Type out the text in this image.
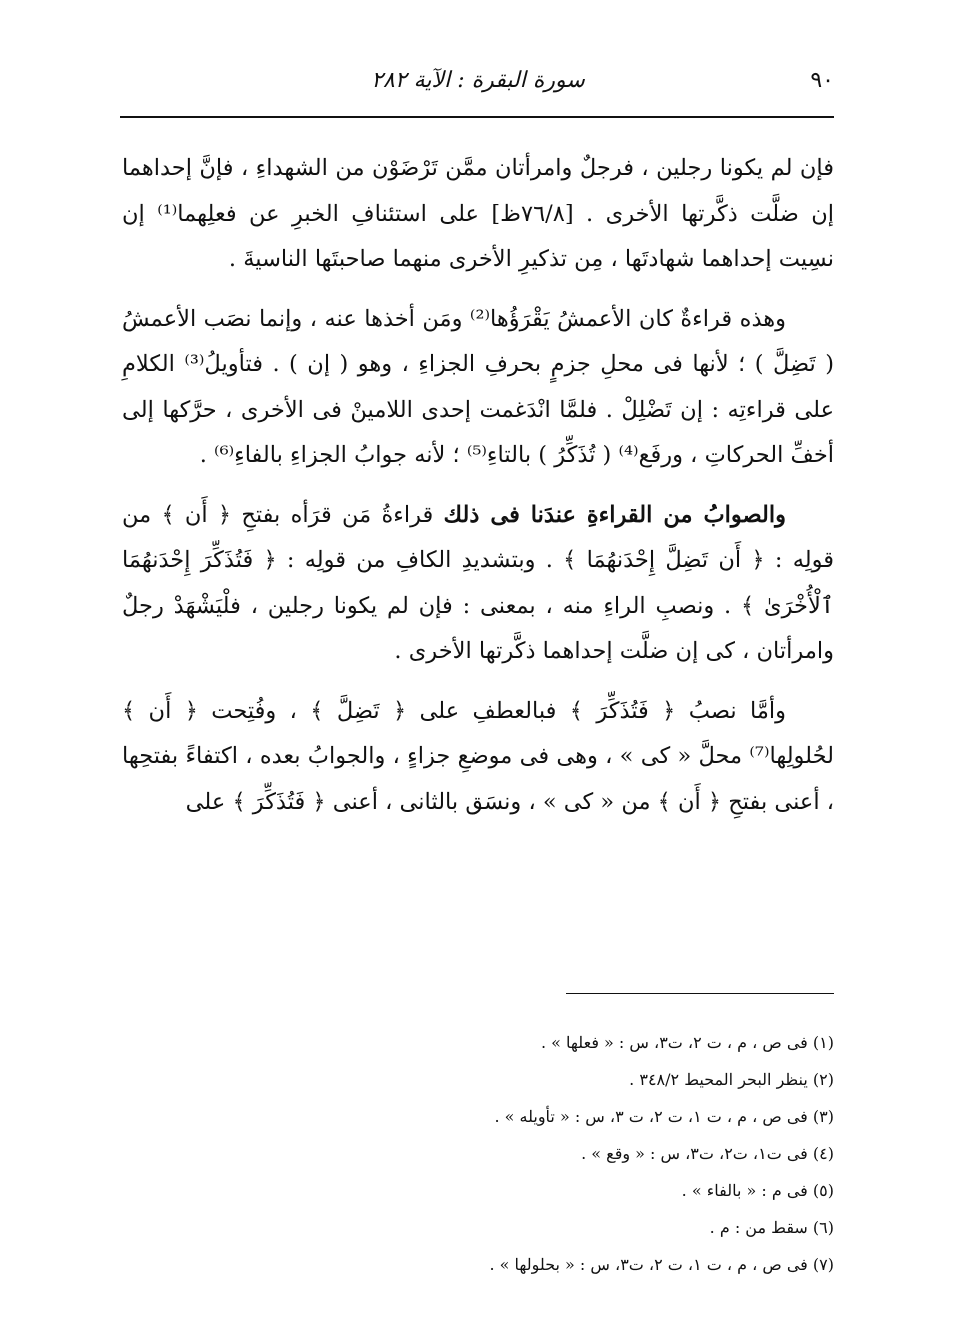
٩٠
سورة البقرة : الآية ٢٨٢

فإن لم يكونا رجلين ، فرجلٌ وامرأتان ممَّن تَرْضَوْن من الشهداءِ ، فإنَّ إحداهما إن ضلَّت ذكَّرتها الأخرى . [٧٦/٨ظ] على استئنافِ الخبرِ عن فعلِهما⁽¹⁾ إن نسِيت إحداهما شهادتَها ، مِن تذكيرِ الأخرى منهما صاحبتَها الناسيةَ .

وهذه قراءةٌ كان الأعمشُ يَقْرَؤُها⁽²⁾ ومَن أخذها عنه ، وإنما نصَب الأعمشُ ( تَضِلَّ ) ؛ لأنها فى محلِ جزمٍ بحرفِ الجزاءِ ، وهو ( إن ) . فتأويلُ⁽³⁾ الكلامِ على قراءتِه : إن تَضْلِلْ . فلمَّا انْدَغمت إحدى اللامينْ فى الأخرى ، حرَّكها إلى أخفِّ الحركاتِ ، ورفَع⁽⁴⁾ ( تُذَكِّرُ ) بالتاءِ⁽⁵⁾ ؛ لأنه جوابُ الجزاءِ بالفاءِ⁽⁶⁾ .

والصوابُ من القراءةِ عندَنا فى ذلك قراءةُ مَن قرَأه بفتحِ ﴿ أَن ﴾ من قولِه : ﴿ أَن تَضِلَّ إِحْدَنهُمَا ﴾ . وبتشديدِ الكافِ من قولِه : ﴿ فَتُذَكِّرَ إِحْدَنهُمَا ٱلْأُخْرَىٰ ﴾ . ونصبِ الراءِ منه ، بمعنى : فإن لم يكونا رجلين ، فلْيَشْهَدْ رجلٌ وامرأتان ، كى إن ضلَّت إحداهما ذكَّرتها الأخرى .

وأمَّا نصبُ ﴿ فَتُذَكِّرَ ﴾ فبالعطفِ على ﴿ تَضِلَّ ﴾ ، وفُتِحت ﴿ أَن ﴾ لحُلولِها⁽⁷⁾ محلَّ « كى » ، وهى فى موضعِ جزاءٍ ، والجوابُ بعده ، اكتفاءً بفتحِها ، أعنى بفتحِ ﴿ أَن ﴾ من « كى » ، ونسَق بالثانى ، أعنى ﴿ فَتُذَكِّرَ ﴾ على

(١) فى ص ، م ، ت ٢، ت٣، س : « فعلها » .
(٢) ينظر البحر المحيط ٣٤٨/٢ .
(٣) فى ص ، م ، ت ١، ت ٢، ت ٣، س : « تأويله » .
(٤) فى ت١، ت٢، ت٣، س : « وقع » .
(٥) فى م : « بالفاء » .
(٦) سقط من : م .
(٧) فى ص ، م ، ت ١، ت ٢، ت٣، س : « بحلولها » .
